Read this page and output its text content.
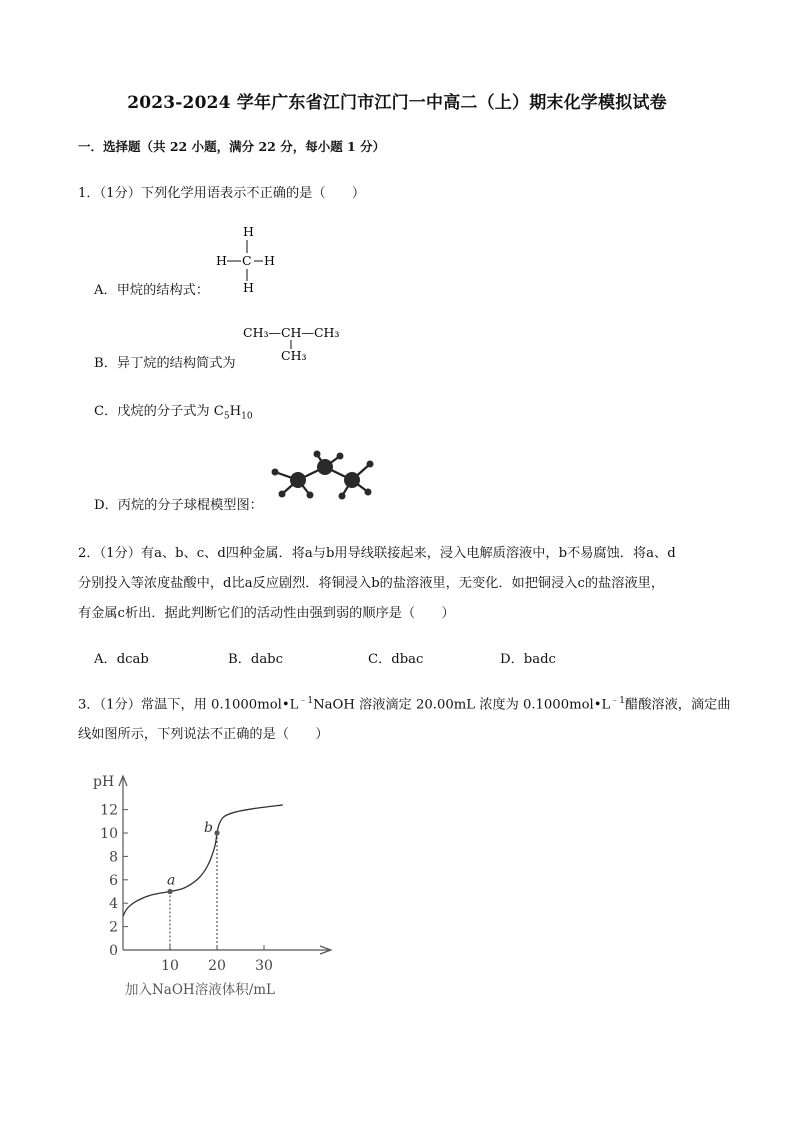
2023-2024 学年广东省江门市江门一中高二（上）期末化学模拟试卷
一．选择题（共 22 小题，满分 22 分，每小题 1 分）
1．（1分）下列化学用语表示不正确的是（　　）
A．甲烷的结构式：
H
H C H
H
B．异丁烷的结构简式为
CH₃—CH—CH₃
CH₃
C．戊烷的分子式为 $C_5H_{10}$
D．丙烷的分子球棍模型图：
2．（1分）有a、b、c、d四种金属．将a与b用导线联接起来，浸入电解质溶液中，b不易腐蚀．将a、d
分别投入等浓度盐酸中，d比a反应剧烈．将铜浸入b的盐溶液里，无变化．如把铜浸入c的盐溶液里，
有金属c析出．据此判断它们的活动性由强到弱的顺序是（　　）
A．dcab	B．dabc	C．dbac	D．badc
3．（1分）常温下，用 $0.1000mol•L^{﹣1}NaOH$ 溶液滴定 20.00mL 浓度为 $0.1000mol•L^{﹣1}$醋酸溶液，滴定曲
线如图所示，下列说法不正确的是（　　）
pH
加入NaOH溶液体积/mL
0
2
4
6
8
10
12
10 20 30
a
b
